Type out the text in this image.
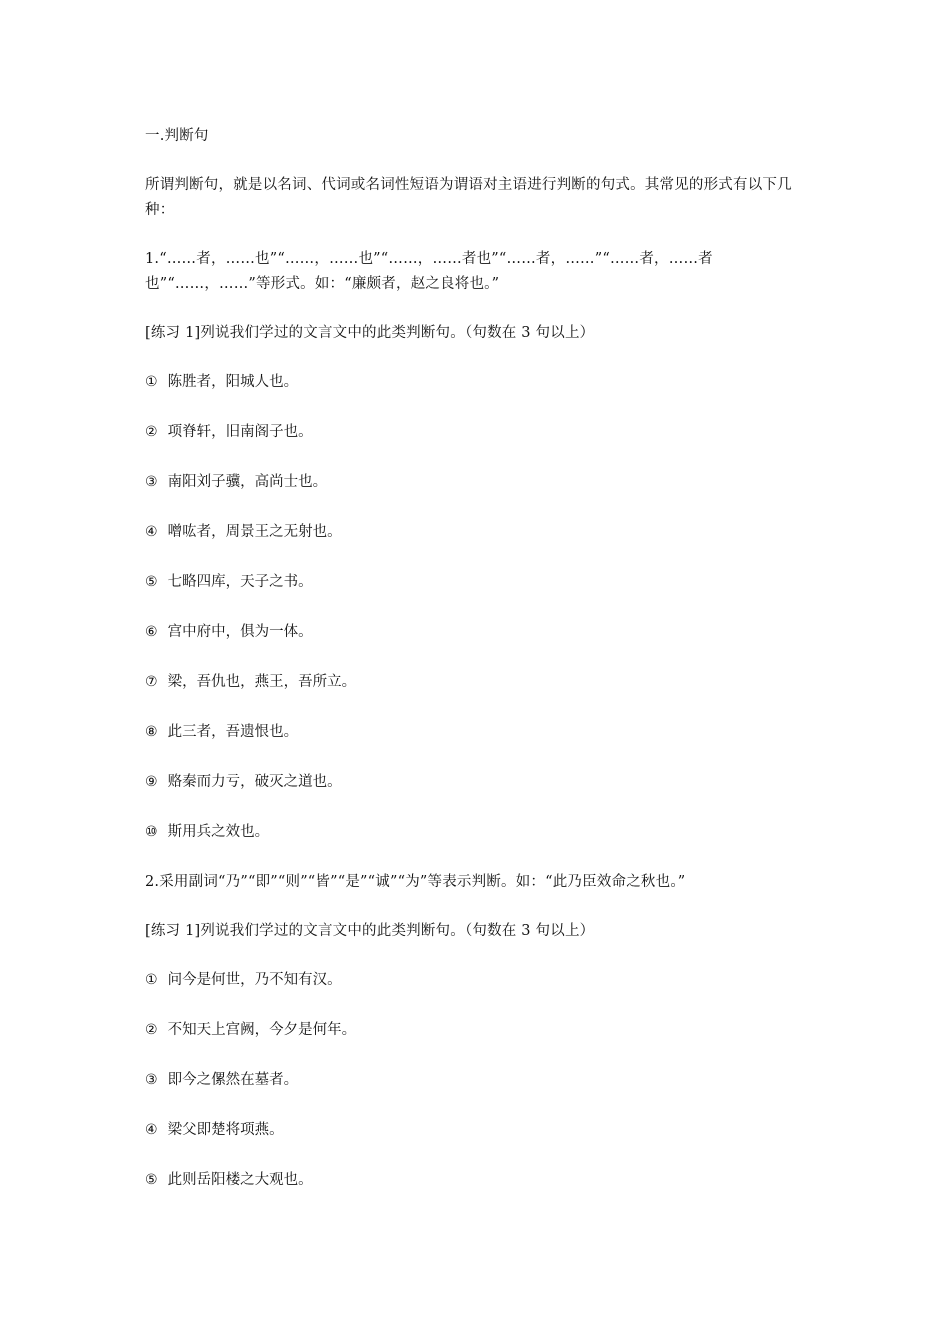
一.判断句

所谓判断句，就是以名词、代词或名词性短语为谓语对主语进行判断的句式。其常见的形式有以下几种：

1.“……者，……也”“……，……也”“……，……者也”“……者，……”“……者，……者也”“……，……”等形式。如：“廉颇者，赵之良将也。”

[练习 1]列说我们学过的文言文中的此类判断句。（句数在 3 句以上）

① 陈胜者，阳城人也。
② 项脊轩，旧南阁子也。
③ 南阳刘子骥，高尚士也。
④ 噌吰者，周景王之无射也。
⑤ 七略四库，天子之书。
⑥ 宫中府中，俱为一体。
⑦ 梁，吾仇也，燕王，吾所立。
⑧ 此三者，吾遗恨也。
⑨ 赂秦而力亏，破灭之道也。
⑩ 斯用兵之效也。

2.采用副词“乃”“即”“则”“皆”“是”“诚”“为”等表示判断。如：“此乃臣效命之秋也。”

[练习 1]列说我们学过的文言文中的此类判断句。（句数在 3 句以上）

① 问今是何世，乃不知有汉。
② 不知天上宫阙，今夕是何年。
③ 即今之傫然在墓者。
④ 梁父即楚将项燕。
⑤ 此则岳阳楼之大观也。
